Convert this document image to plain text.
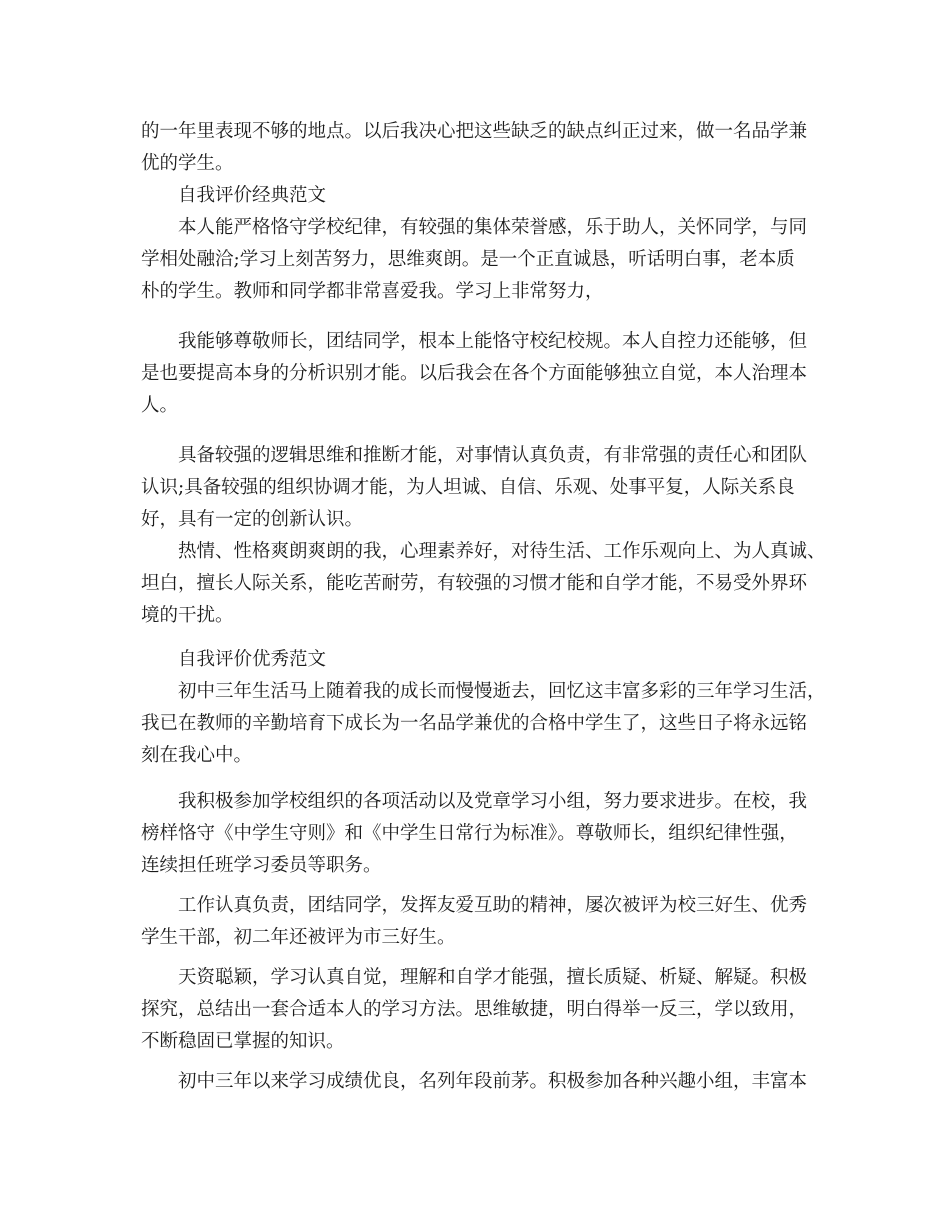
的一年里表现不够的地点。以后我决心把这些缺乏的缺点纠正过来，做一名品学兼
优的学生。
自我评价经典范文
本人能严格恪守学校纪律，有较强的集体荣誉感，乐于助人，关怀同学，与同
学相处融洽;学习上刻苦努力，思维爽朗。是一个正直诚恳，听话明白事，老本质
朴的学生。教师和同学都非常喜爱我。学习上非常努力，
我能够尊敬师长，团结同学，根本上能恪守校纪校规。本人自控力还能够，但
是也要提高本身的分析识别才能。以后我会在各个方面能够独立自觉，本人治理本
人。
具备较强的逻辑思维和推断才能，对事情认真负责，有非常强的责任心和团队
认识;具备较强的组织协调才能，为人坦诚、自信、乐观、处事平复，人际关系良
好，具有一定的创新认识。
热情、性格爽朗爽朗的我，心理素养好，对待生活、工作乐观向上、为人真诚、
坦白，擅长人际关系，能吃苦耐劳，有较强的习惯才能和自学才能，不易受外界环
境的干扰。
自我评价优秀范文
初中三年生活马上随着我的成长而慢慢逝去，回忆这丰富多彩的三年学习生活，
我已在教师的辛勤培育下成长为一名品学兼优的合格中学生了，这些日子将永远铭
刻在我心中。
我积极参加学校组织的各项活动以及党章学习小组，努力要求进步。在校，我
榜样恪守《中学生守则》和《中学生日常行为标准》。尊敬师长，组织纪律性强，
连续担任班学习委员等职务。
工作认真负责，团结同学，发挥友爱互助的精神，屡次被评为校三好生、优秀
学生干部，初二年还被评为市三好生。
天资聪颖，学习认真自觉，理解和自学才能强，擅长质疑、析疑、解疑。积极
探究，总结出一套合适本人的学习方法。思维敏捷，明白得举一反三，学以致用，
不断稳固已掌握的知识。
初中三年以来学习成绩优良，名列年段前茅。积极参加各种兴趣小组，丰富本
